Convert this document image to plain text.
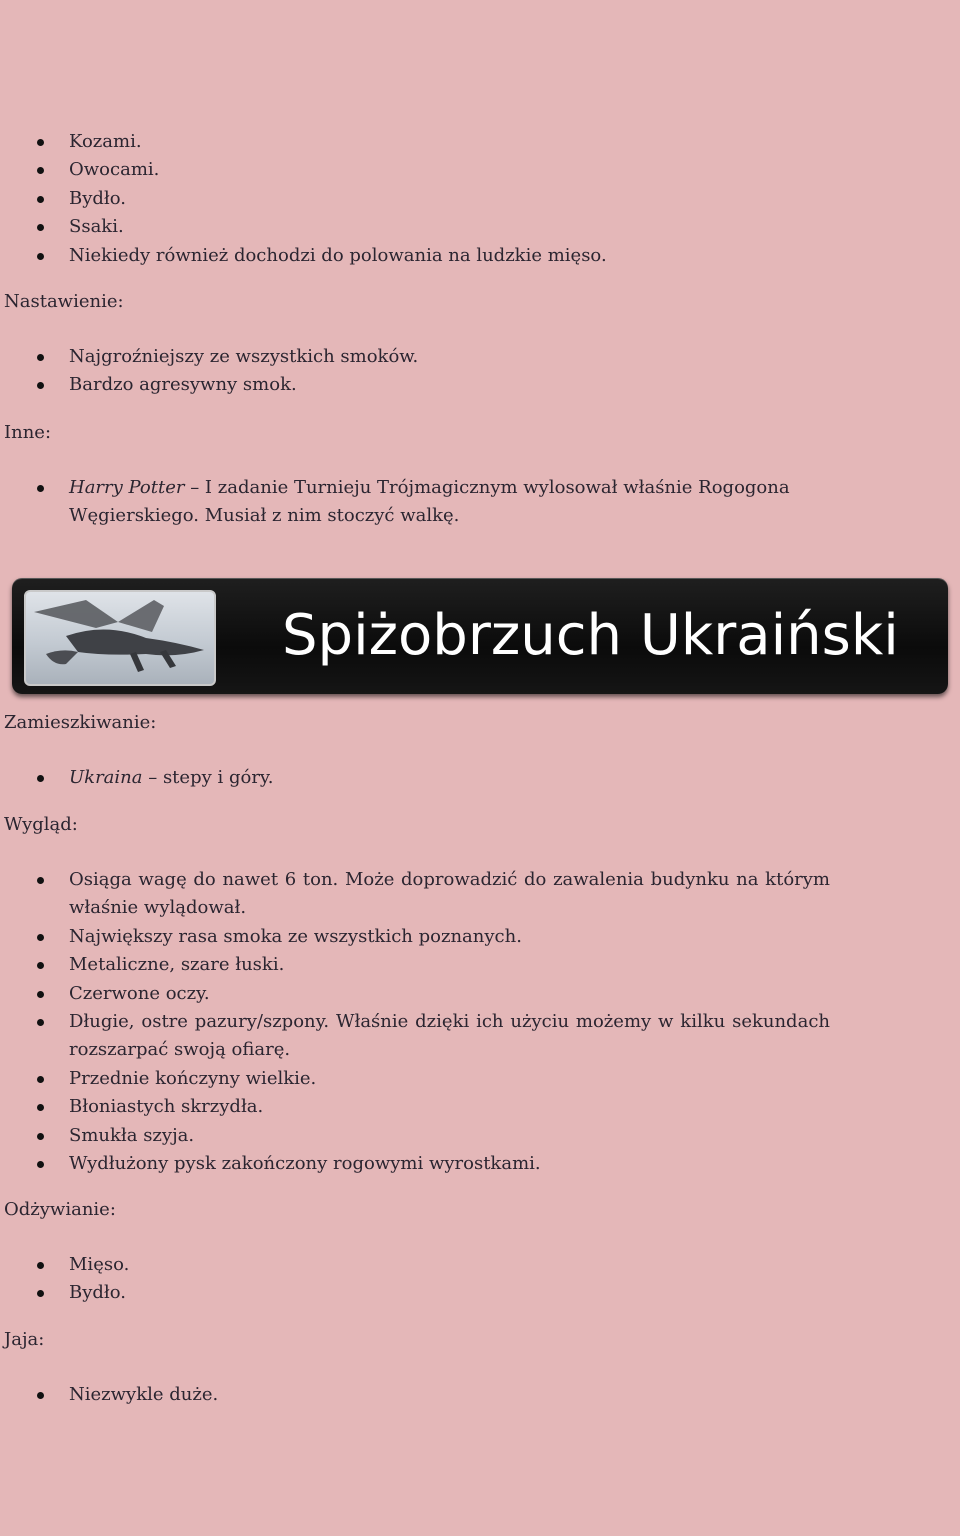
Kozami.
Owocami.
Bydło.
Ssaki.
Niekiedy również dochodzi do polowania na ludzkie mięso.
Nastawienie:
Najgroźniejszy ze wszystkich smoków.
Bardzo agresywny smok.
Inne:
Harry Potter – I zadanie Turnieju Trójmagicznym wylosował właśnie Rogogona Węgierskiego. Musiał z nim stoczyć walkę.
Spiżobrzuch Ukraiński
Zamieszkiwanie:
Ukraina – stepy i góry.
Wygląd:
Osiąga wagę do nawet 6 ton. Może doprowadzić do zawalenia budynku na którym właśnie wylądował.
Największy rasa smoka ze wszystkich poznanych.
Metaliczne, szare łuski.
Czerwone oczy.
Długie, ostre pazury/szpony. Właśnie dzięki ich użyciu możemy w kilku sekundach rozszarpać swoją ofiarę.
Przednie kończyny wielkie.
Błoniastych skrzydła.
Smukła szyja.
Wydłużony pysk zakończony rogowymi wyrostkami.
Odżywianie:
Mięso.
Bydło.
Jaja:
Niezwykle duże.
